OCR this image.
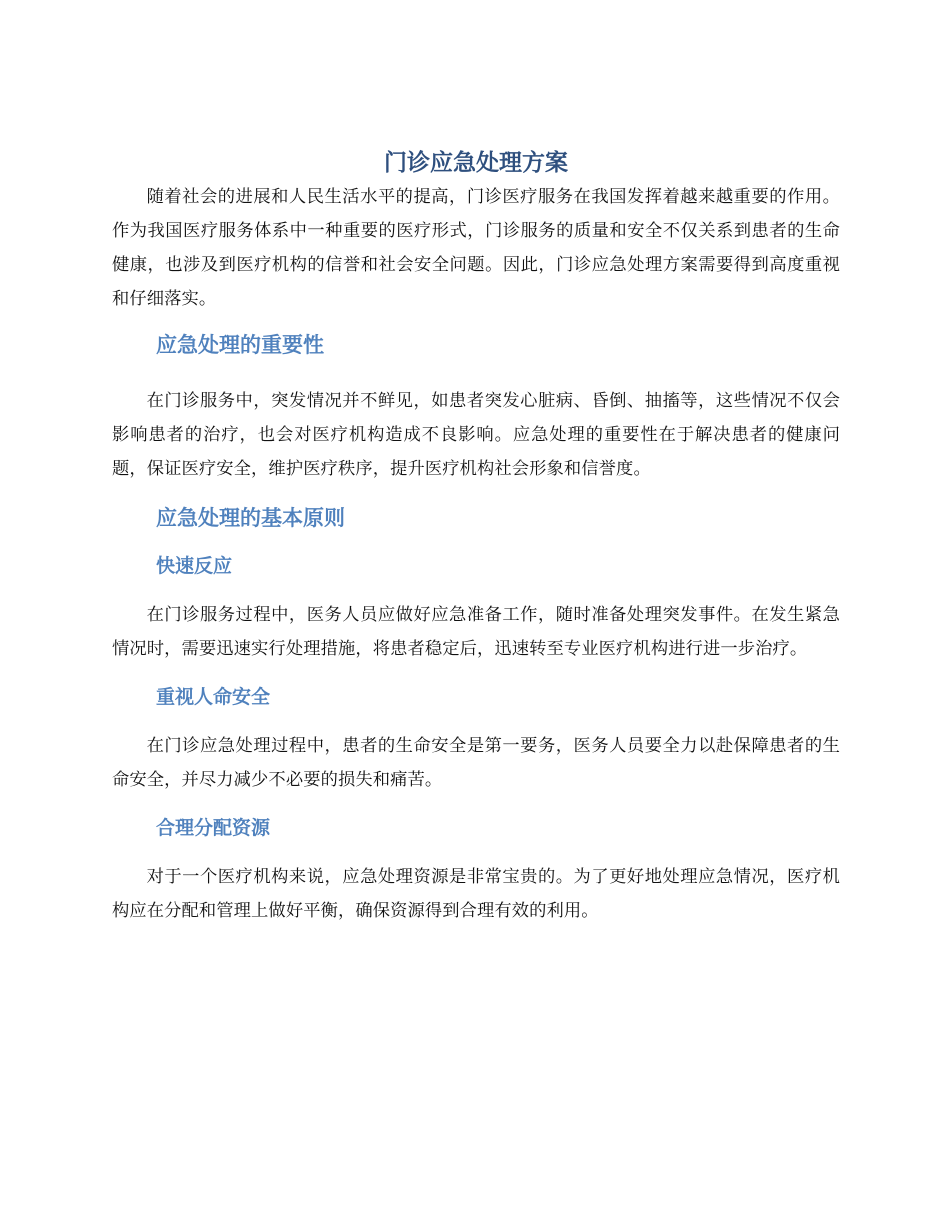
门诊应急处理方案

随着社会的进展和人民生活水平的提高，门诊医疗服务在我国发挥着越来越重要的作用。作为我国医疗服务体系中一种重要的医疗形式，门诊服务的质量和安全不仅关系到患者的生命健康，也涉及到医疗机构的信誉和社会安全问题。因此，门诊应急处理方案需要得到高度重视和仔细落实。

应急处理的重要性

在门诊服务中，突发情况并不鲜见，如患者突发心脏病、昏倒、抽搐等，这些情况不仅会影响患者的治疗，也会对医疗机构造成不良影响。应急处理的重要性在于解决患者的健康问题，保证医疗安全，维护医疗秩序，提升医疗机构社会形象和信誉度。

应急处理的基本原则
快速反应

在门诊服务过程中，医务人员应做好应急准备工作，随时准备处理突发事件。在发生紧急情况时，需要迅速实行处理措施，将患者稳定后，迅速转至专业医疗机构进行进一步治疗。

重视人命安全

在门诊应急处理过程中，患者的生命安全是第一要务，医务人员要全力以赴保障患者的生命安全，并尽力减少不必要的损失和痛苦。

合理分配资源

对于一个医疗机构来说，应急处理资源是非常宝贵的。为了更好地处理应急情况，医疗机构应在分配和管理上做好平衡，确保资源得到合理有效的利用。
